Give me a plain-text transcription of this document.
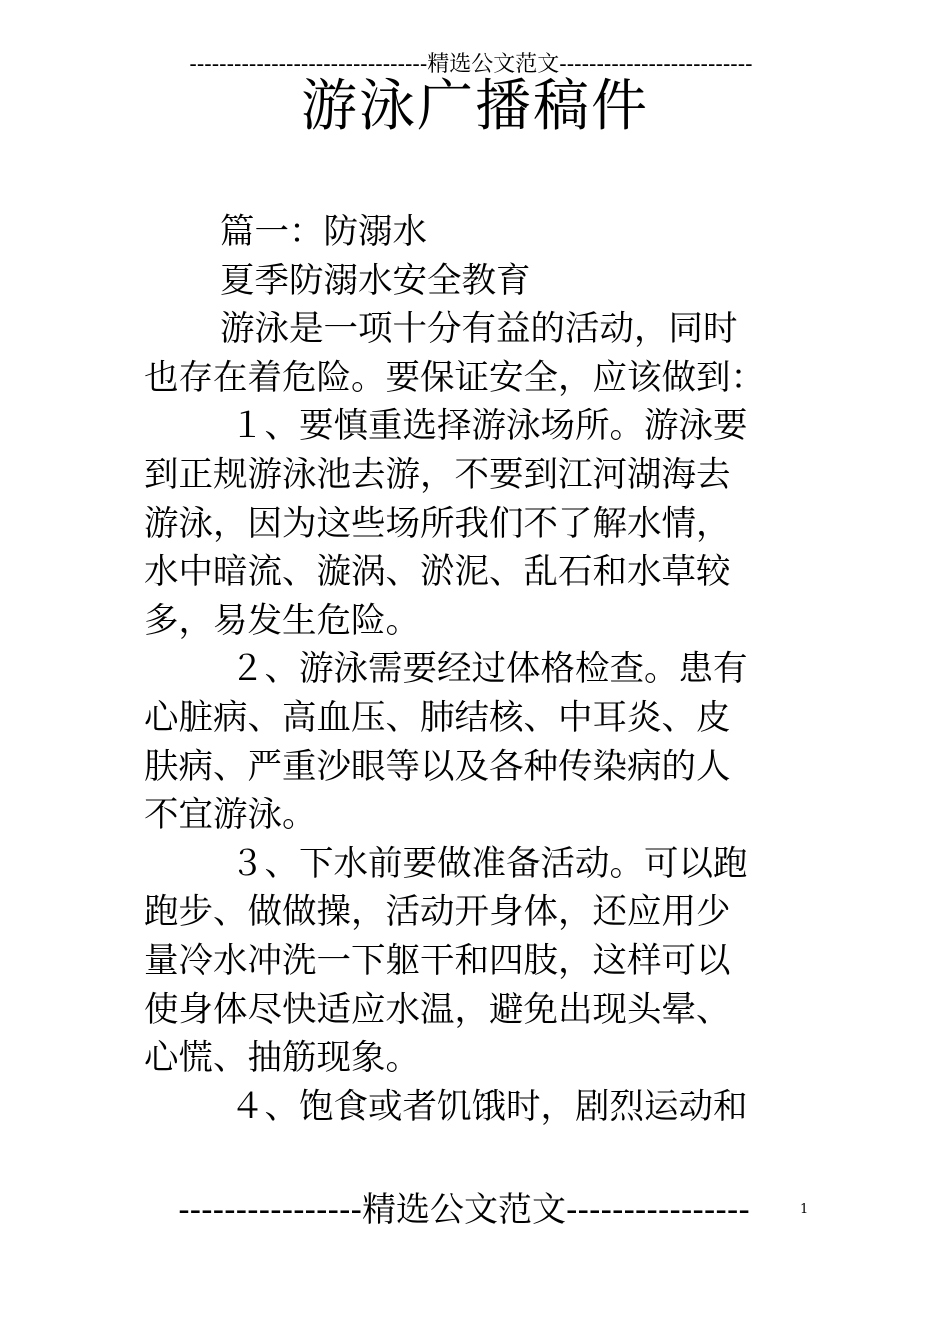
--------------------------------精选公文范文--------------------------
游泳广播稿件
篇一：防溺水
夏季防溺水安全教育
游泳是一项十分有益的活动，同时
也存在着危险。要保证安全，应该做到：
１、要慎重选择游泳场所。游泳要
到正规游泳池去游，不要到江河湖海去
游泳，因为这些场所我们不了解水情，
水中暗流、漩涡、淤泥、乱石和水草较
多，易发生危险。
２、游泳需要经过体格检查。患有
心脏病、高血压、肺结核、中耳炎、皮
肤病、严重沙眼等以及各种传染病的人
不宜游泳。
３、下水前要做准备活动。可以跑
跑步、做做操，活动开身体，还应用少
量冷水冲洗一下躯干和四肢，这样可以
使身体尽快适应水温，避免出现头晕、
心慌、抽筋现象。
４、饱食或者饥饿时，剧烈运动和
----------------精选公文范文----------------	1
